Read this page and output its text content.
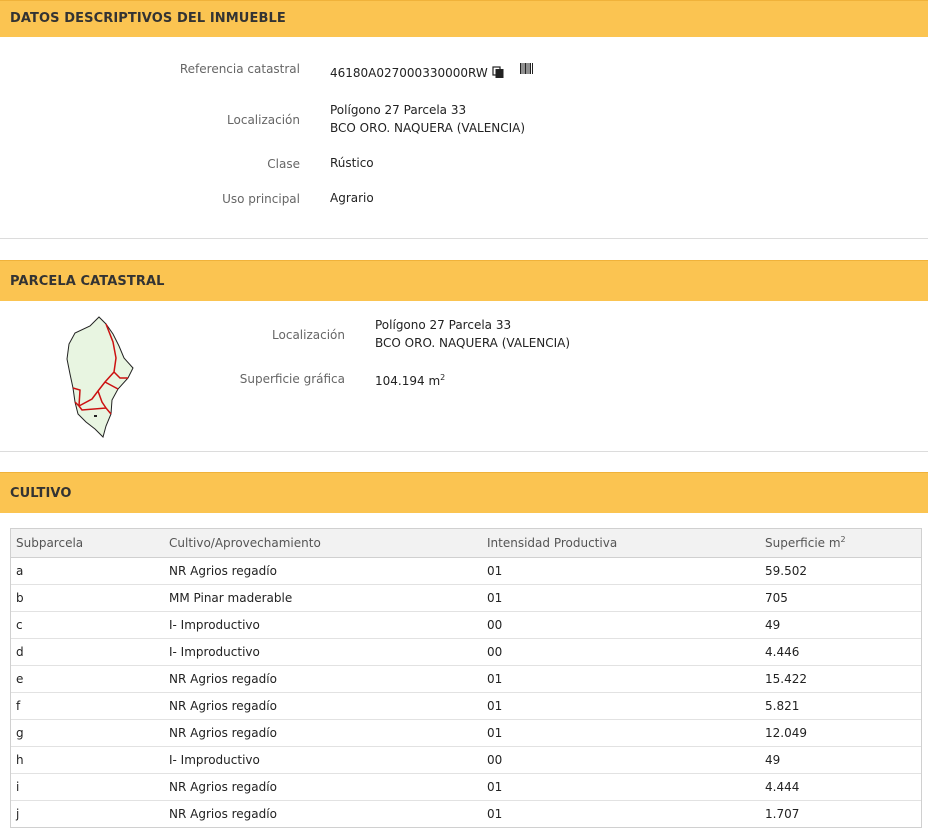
DATOS DESCRIPTIVOS DEL INMUEBLE
Referencia catastral	46180A027000330000RW
Localización
Polígono 27 Parcela 33
BCO ORO. NAQUERA (VALENCIA)
Clase	Rústico
Uso principal	Agrario
PARCELA CATASTRAL
Localización
Polígono 27 Parcela 33
BCO ORO. NAQUERA (VALENCIA)
Superficie gráfica	104.194 $m^2$
CULTIVO
Subparcela	Cultivo/Aprovechamiento	Intensidad Productiva	Superficie $m^2$
a	NR Agrios regadío	01	59.502
b	MM Pinar maderable	01	705
c	I- Improductivo	00	49
d	I- Improductivo	00	4.446
e	NR Agrios regadío	01	15.422
f	NR Agrios regadío	01	5.821
g	NR Agrios regadío	01	12.049
h	I- Improductivo	00	49
i	NR Agrios regadío	01	4.444
j	NR Agrios regadío	01	1.707
